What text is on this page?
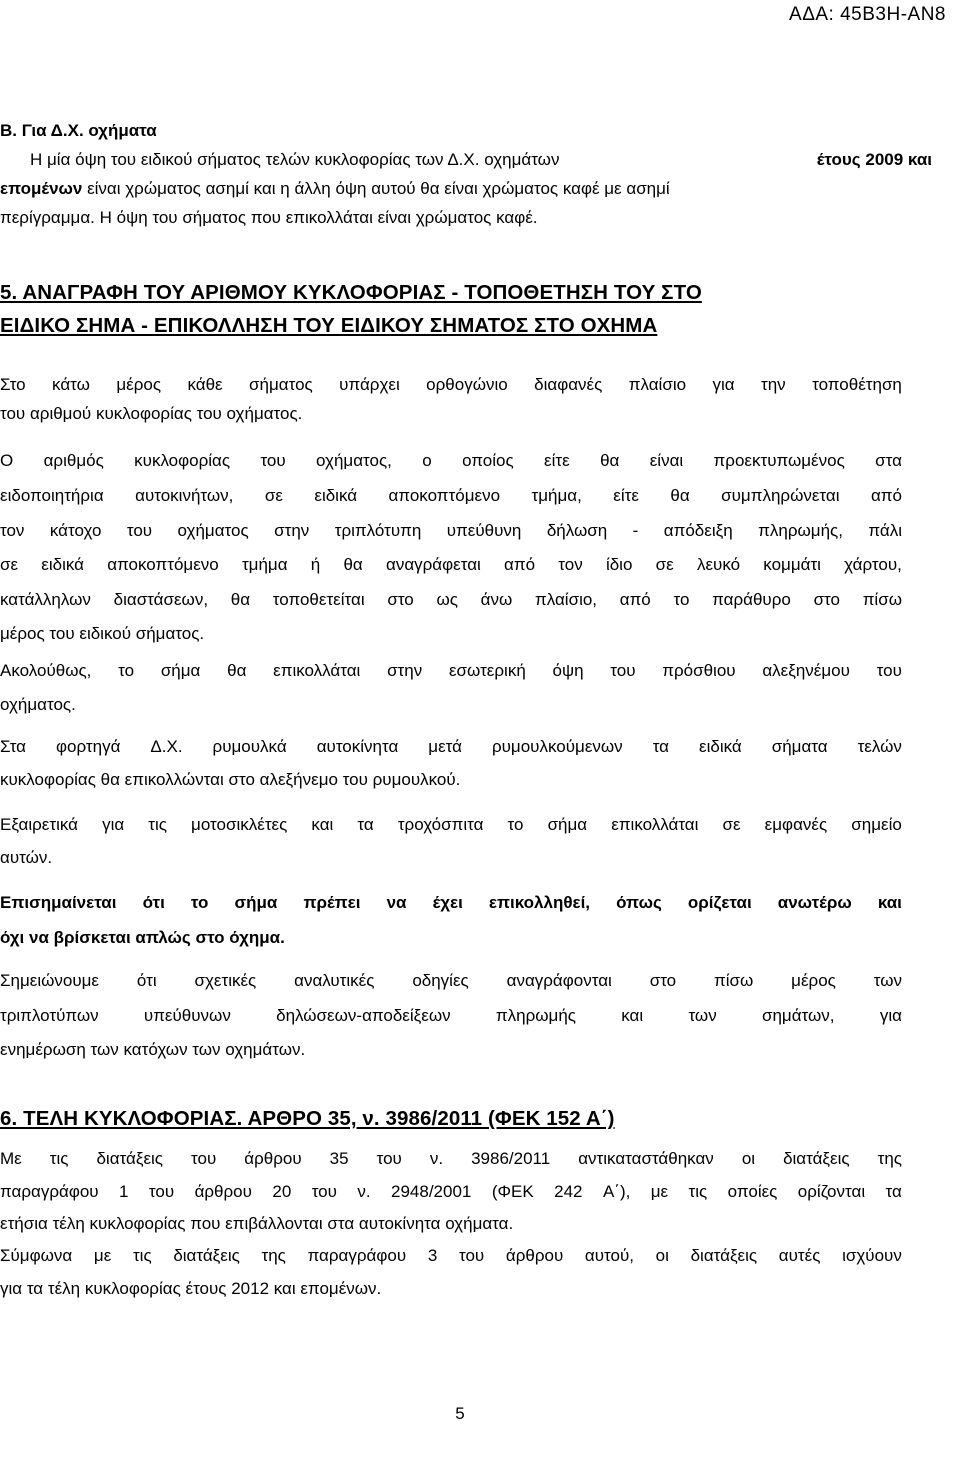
ΑΔΑ: 45Β3Η-ΑΝ8

Β. Για Δ.Χ. οχήματα

Η μία όψη του ειδικού σήματος τελών κυκλοφορίας των Δ.Χ. οχημάτων	έτους 2009 και

επομένων είναι χρώματος ασημί και η άλλη όψη αυτού θα είναι χρώματος καφέ με ασημί

περίγραμμα. Η όψη του σήματος που επικολλάται είναι χρώματος καφέ.

5. ΑΝΑΓΡΑΦΗ ΤΟΥ ΑΡΙΘΜΟΥ ΚΥΚΛΟΦΟΡΙΑΣ - ΤΟΠΟΘΕΤΗΣΗ ΤΟΥ ΣΤΟ

ΕΙΔΙΚΟ ΣΗΜΑ - ΕΠΙΚΟΛΛΗΣΗ ΤΟΥ ΕΙΔΙΚΟΥ ΣΗΜΑΤΟΣ ΣΤΟ ΟΧΗΜΑ

Στο κάτω μέρος κάθε σήματος υπάρχει ορθογώνιο διαφανές πλαίσιο για την τοποθέτηση

του αριθμού κυκλοφορίας του οχήματος.

Ο αριθμός κυκλοφορίας του οχήματος, ο οποίος είτε θα είναι προεκτυπωμένος στα

ειδοποιητήρια αυτοκινήτων, σε ειδικά αποκοπτόμενο τμήμα, είτε θα συμπληρώνεται από

τον κάτοχο του οχήματος στην τριπλότυπη υπεύθυνη δήλωση - απόδειξη πληρωμής, πάλι

σε ειδικά αποκοπτόμενο τμήμα ή θα αναγράφεται από τον ίδιο σε λευκό κομμάτι χάρτου,

κατάλληλων διαστάσεων, θα τοποθετείται στο ως άνω πλαίσιο, από το παράθυρο στο πίσω

μέρος του ειδικού σήματος.

Ακολούθως, το σήμα θα επικολλάται στην εσωτερική όψη του πρόσθιου αλεξηνέμου του

οχήματος.

Στα φορτηγά Δ.Χ. ρυμουλκά αυτοκίνητα μετά ρυμουλκούμενων τα ειδικά σήματα τελών

κυκλοφορίας θα επικολλώνται στο αλεξήνεμο του ρυμουλκού.

Εξαιρετικά για τις μοτοσικλέτες και τα τροχόσπιτα το σήμα επικολλάται σε εμφανές σημείο

αυτών.

Επισημαίνεται ότι το σήμα πρέπει να έχει επικολληθεί, όπως ορίζεται ανωτέρω και

όχι να βρίσκεται απλώς στο όχημα.

Σημειώνουμε ότι σχετικές αναλυτικές οδηγίες αναγράφονται στο πίσω μέρος των

τριπλοτύπων	υπεύθυνων	δηλώσεων-αποδείξεων	πληρωμής	και	των	σημάτων,	για

ενημέρωση των κατόχων των οχημάτων.

6. ΤΕΛΗ ΚΥΚΛΟΦΟΡΙΑΣ. ΑΡΘΡΟ 35, ν. 3986/2011 (ΦΕΚ 152 Α΄)

Με τις διατάξεις του άρθρου 35 του ν. 3986/2011 αντικαταστάθηκαν οι διατάξεις της

παραγράφου 1 του άρθρου 20 του ν. 2948/2001 (ΦΕΚ 242 Α΄), με τις οποίες ορίζονται τα

ετήσια τέλη κυκλοφορίας που επιβάλλονται στα αυτοκίνητα οχήματα.

Σύμφωνα με τις διατάξεις της παραγράφου 3 του άρθρου αυτού, οι διατάξεις αυτές ισχύουν

για τα τέλη κυκλοφορίας έτους 2012 και επομένων.

5
